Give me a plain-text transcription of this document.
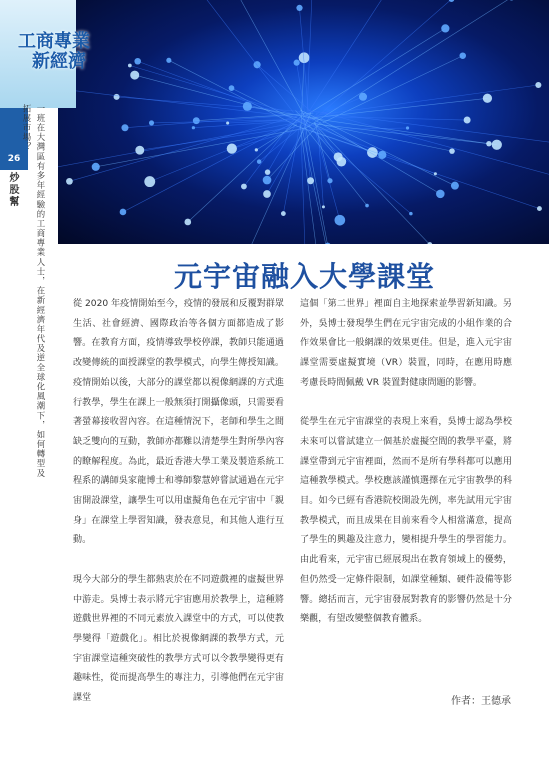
工商專業
新經濟
26
炒股幫 一班在大灣區有多年經驗的工商專業人士，在新經濟年代及逆全球化風潮下，如何轉型及拓展市場？
元宇宙融入大學課堂

從 2020 年疫情開始至今，疫情的發展和反覆對群眾生活、社會經濟、國際政治等各個方面都造成了影響。在教育方面，疫情導致學校停課，教師只能通過改變傳統的面授課堂的教學模式，向學生傳授知識。疫情開始以後，大部分的課堂都以視像網課的方式進行教學，學生在課上一般無須打開攝像頭，只需要看著螢幕接收習內容。在這種情況下，老師和學生之間缺乏雙向的互動，教師亦都難以清楚學生對所學內容的瞭解程度。為此，最近香港大學工業及製造系統工程系的講師吳家龍博士和導師黎慧婷嘗試通過在元宇宙開設課堂，讓學生可以用虛擬角色在元宇宙中「親身」在課堂上學習知識，發表意見，和其他人進行互動。

現今大部分的學生都熱衷於在不同遊戲裡的虛擬世界中游走。吳博士表示將元宇宙應用於教學上，這種將遊戲世界裡的不同元素放入課堂中的方式，可以使教學變得「遊戲化」。相比於視像網課的教學方式，元宇宙課堂這種突破性的教學方式可以令教學變得更有趣味性，從而提高學生的專注力，引導他們在元宇宙課堂

這個「第二世界」裡面自主地探索並學習新知識。另外，吳博士發現學生們在元宇宙完成的小組作業的合作效果會比一般網課的效果更佳。但是，進入元宇宙課堂需要虛擬實境（VR）裝置，同時，在應用時應考慮長時間佩戴 VR 裝置對健康問題的影響。

從學生在元宇宙課堂的表現上來看，吳博士認為學校未來可以嘗試建立一個基於虛擬空間的教學平臺，將課堂帶到元宇宙裡面，然而不是所有學科都可以應用這種教學模式。學校應該謹慎選擇在元宇宙教學的科目。如今已經有香港院校開設先例，率先試用元宇宙教學模式，而且成果在目前來看令人相當滿意，提高了學生的興趣及注意力，變相提升學生的學習能力。由此看來，元宇宙已經展現出在教育領域上的優勢，但仍然受一定條件限制，如課堂種類、硬件設備等影響。總括而言，元宇宙發展對教育的影響仍然是十分樂觀，有望改變整個教育體系。

作者：王德承
